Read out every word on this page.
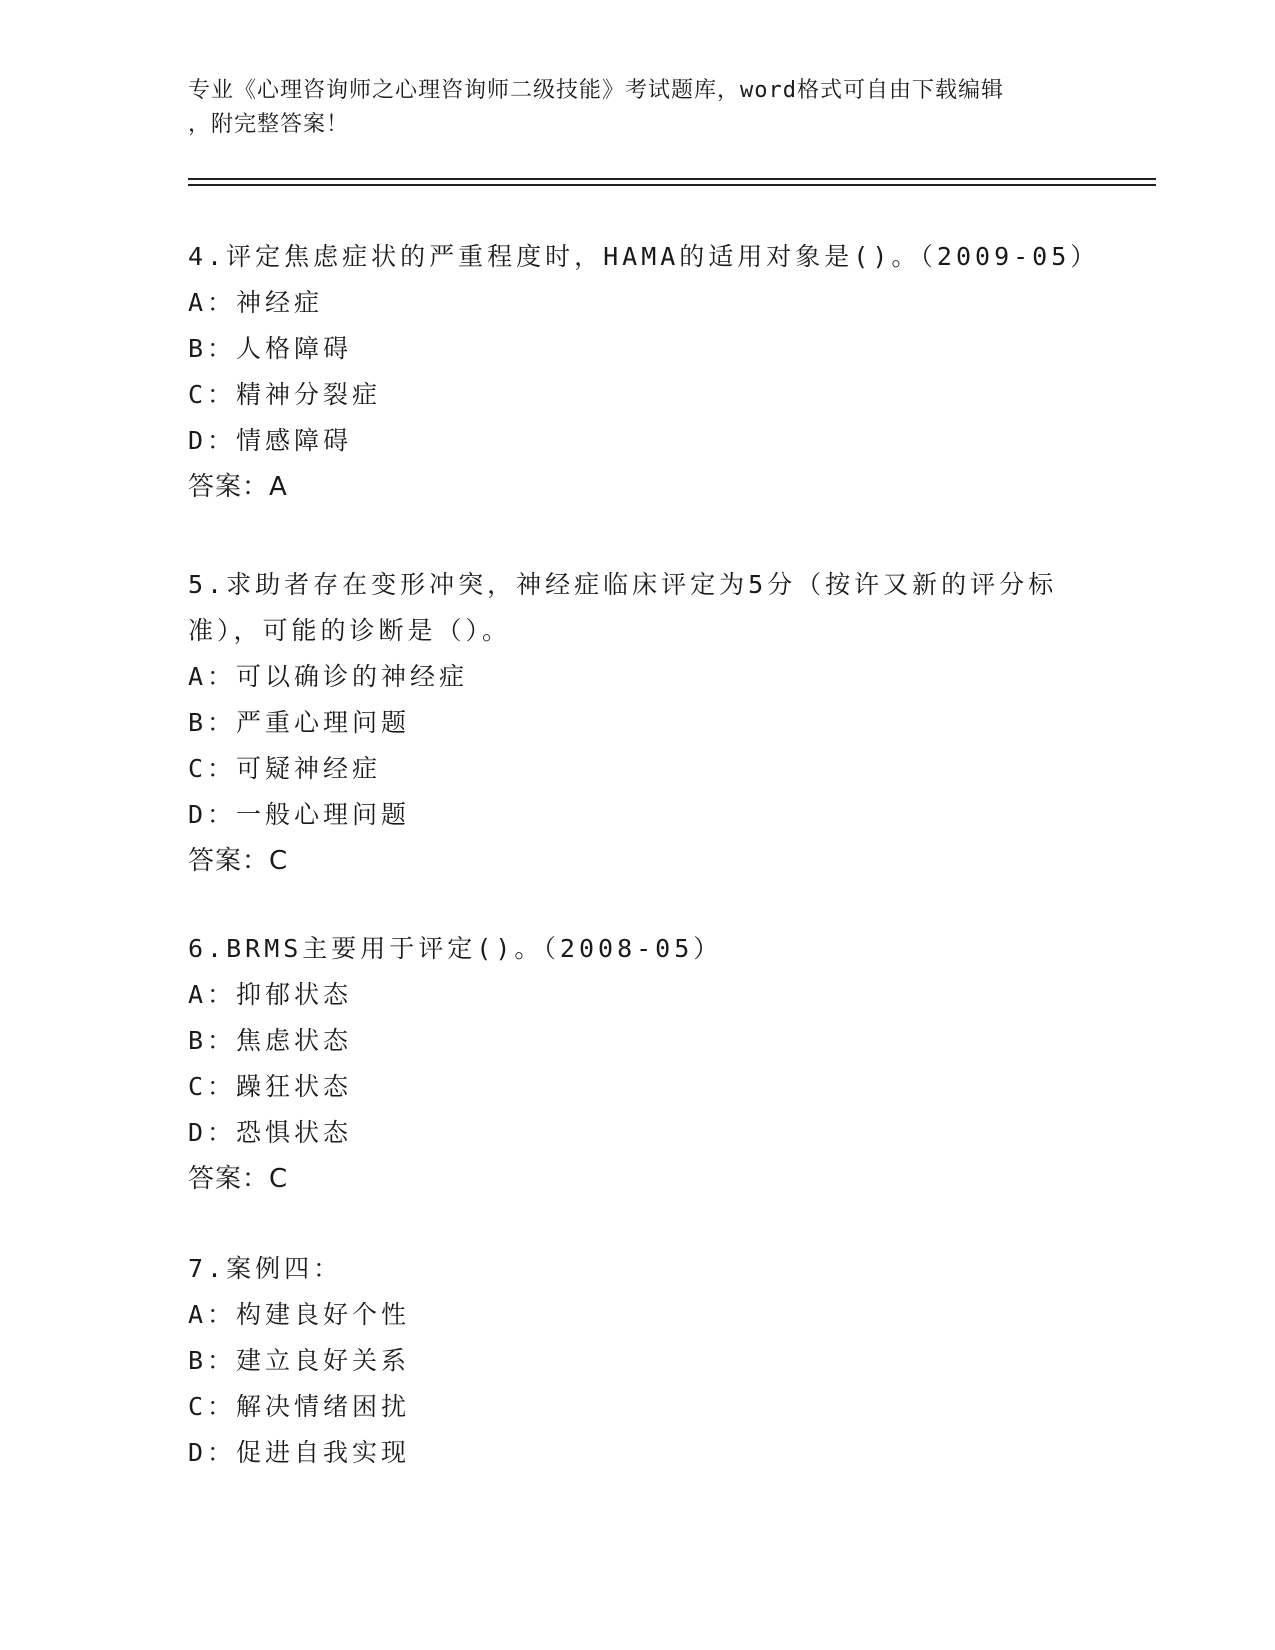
专业《心理咨询师之心理咨询师二级技能》考试题库，word格式可自由下载编辑
，附完整答案！
4.评定焦虑症状的严重程度时，HAMA的适用对象是()。（2009-05）
A：神经症
B：人格障碍
C：精神分裂症
D：情感障碍
答案：A
5.求助者存在变形冲突，神经症临床评定为5分（按许又新的评分标准），可能的诊断是（）。
A：可以确诊的神经症
B：严重心理问题
C：可疑神经症
D：一般心理问题
答案：C
6.BRMS主要用于评定()。（2008-05）
A：抑郁状态
B：焦虑状态
C：躁狂状态
D：恐惧状态
答案：C
7.案例四：
A：构建良好个性
B：建立良好关系
C：解决情绪困扰
D：促进自我实现
